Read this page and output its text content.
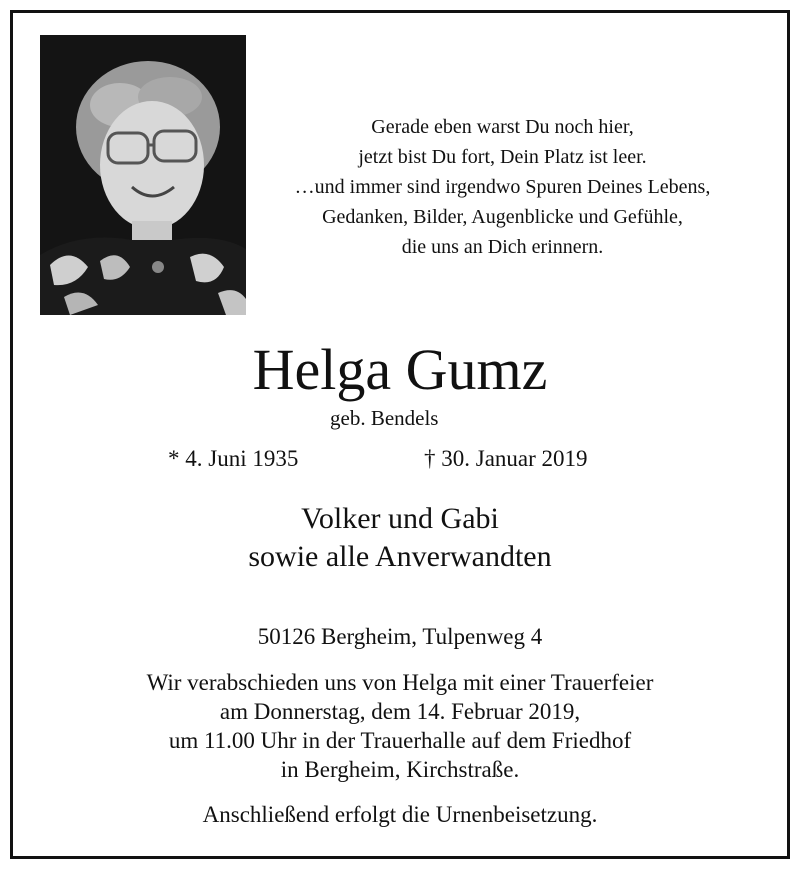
Gerade eben warst Du noch hier,
jetzt bist Du fort, Dein Platz ist leer.
…und immer sind irgendwo Spuren Deines Lebens,
Gedanken, Bilder, Augenblicke und Gefühle,
die uns an Dich erinnern.

Helga Gumz
geb. Bendels
* 4. Juni 1935	† 30. Januar 2019

Volker und Gabi
sowie alle Anverwandten

50126 Bergheim, Tulpenweg 4

Wir verabschieden uns von Helga mit einer Trauerfeier
am Donnerstag, dem 14. Februar 2019,
um 11.00 Uhr in der Trauerhalle auf dem Friedhof
in Bergheim, Kirchstraße.

Anschließend erfolgt die Urnenbeisetzung.
